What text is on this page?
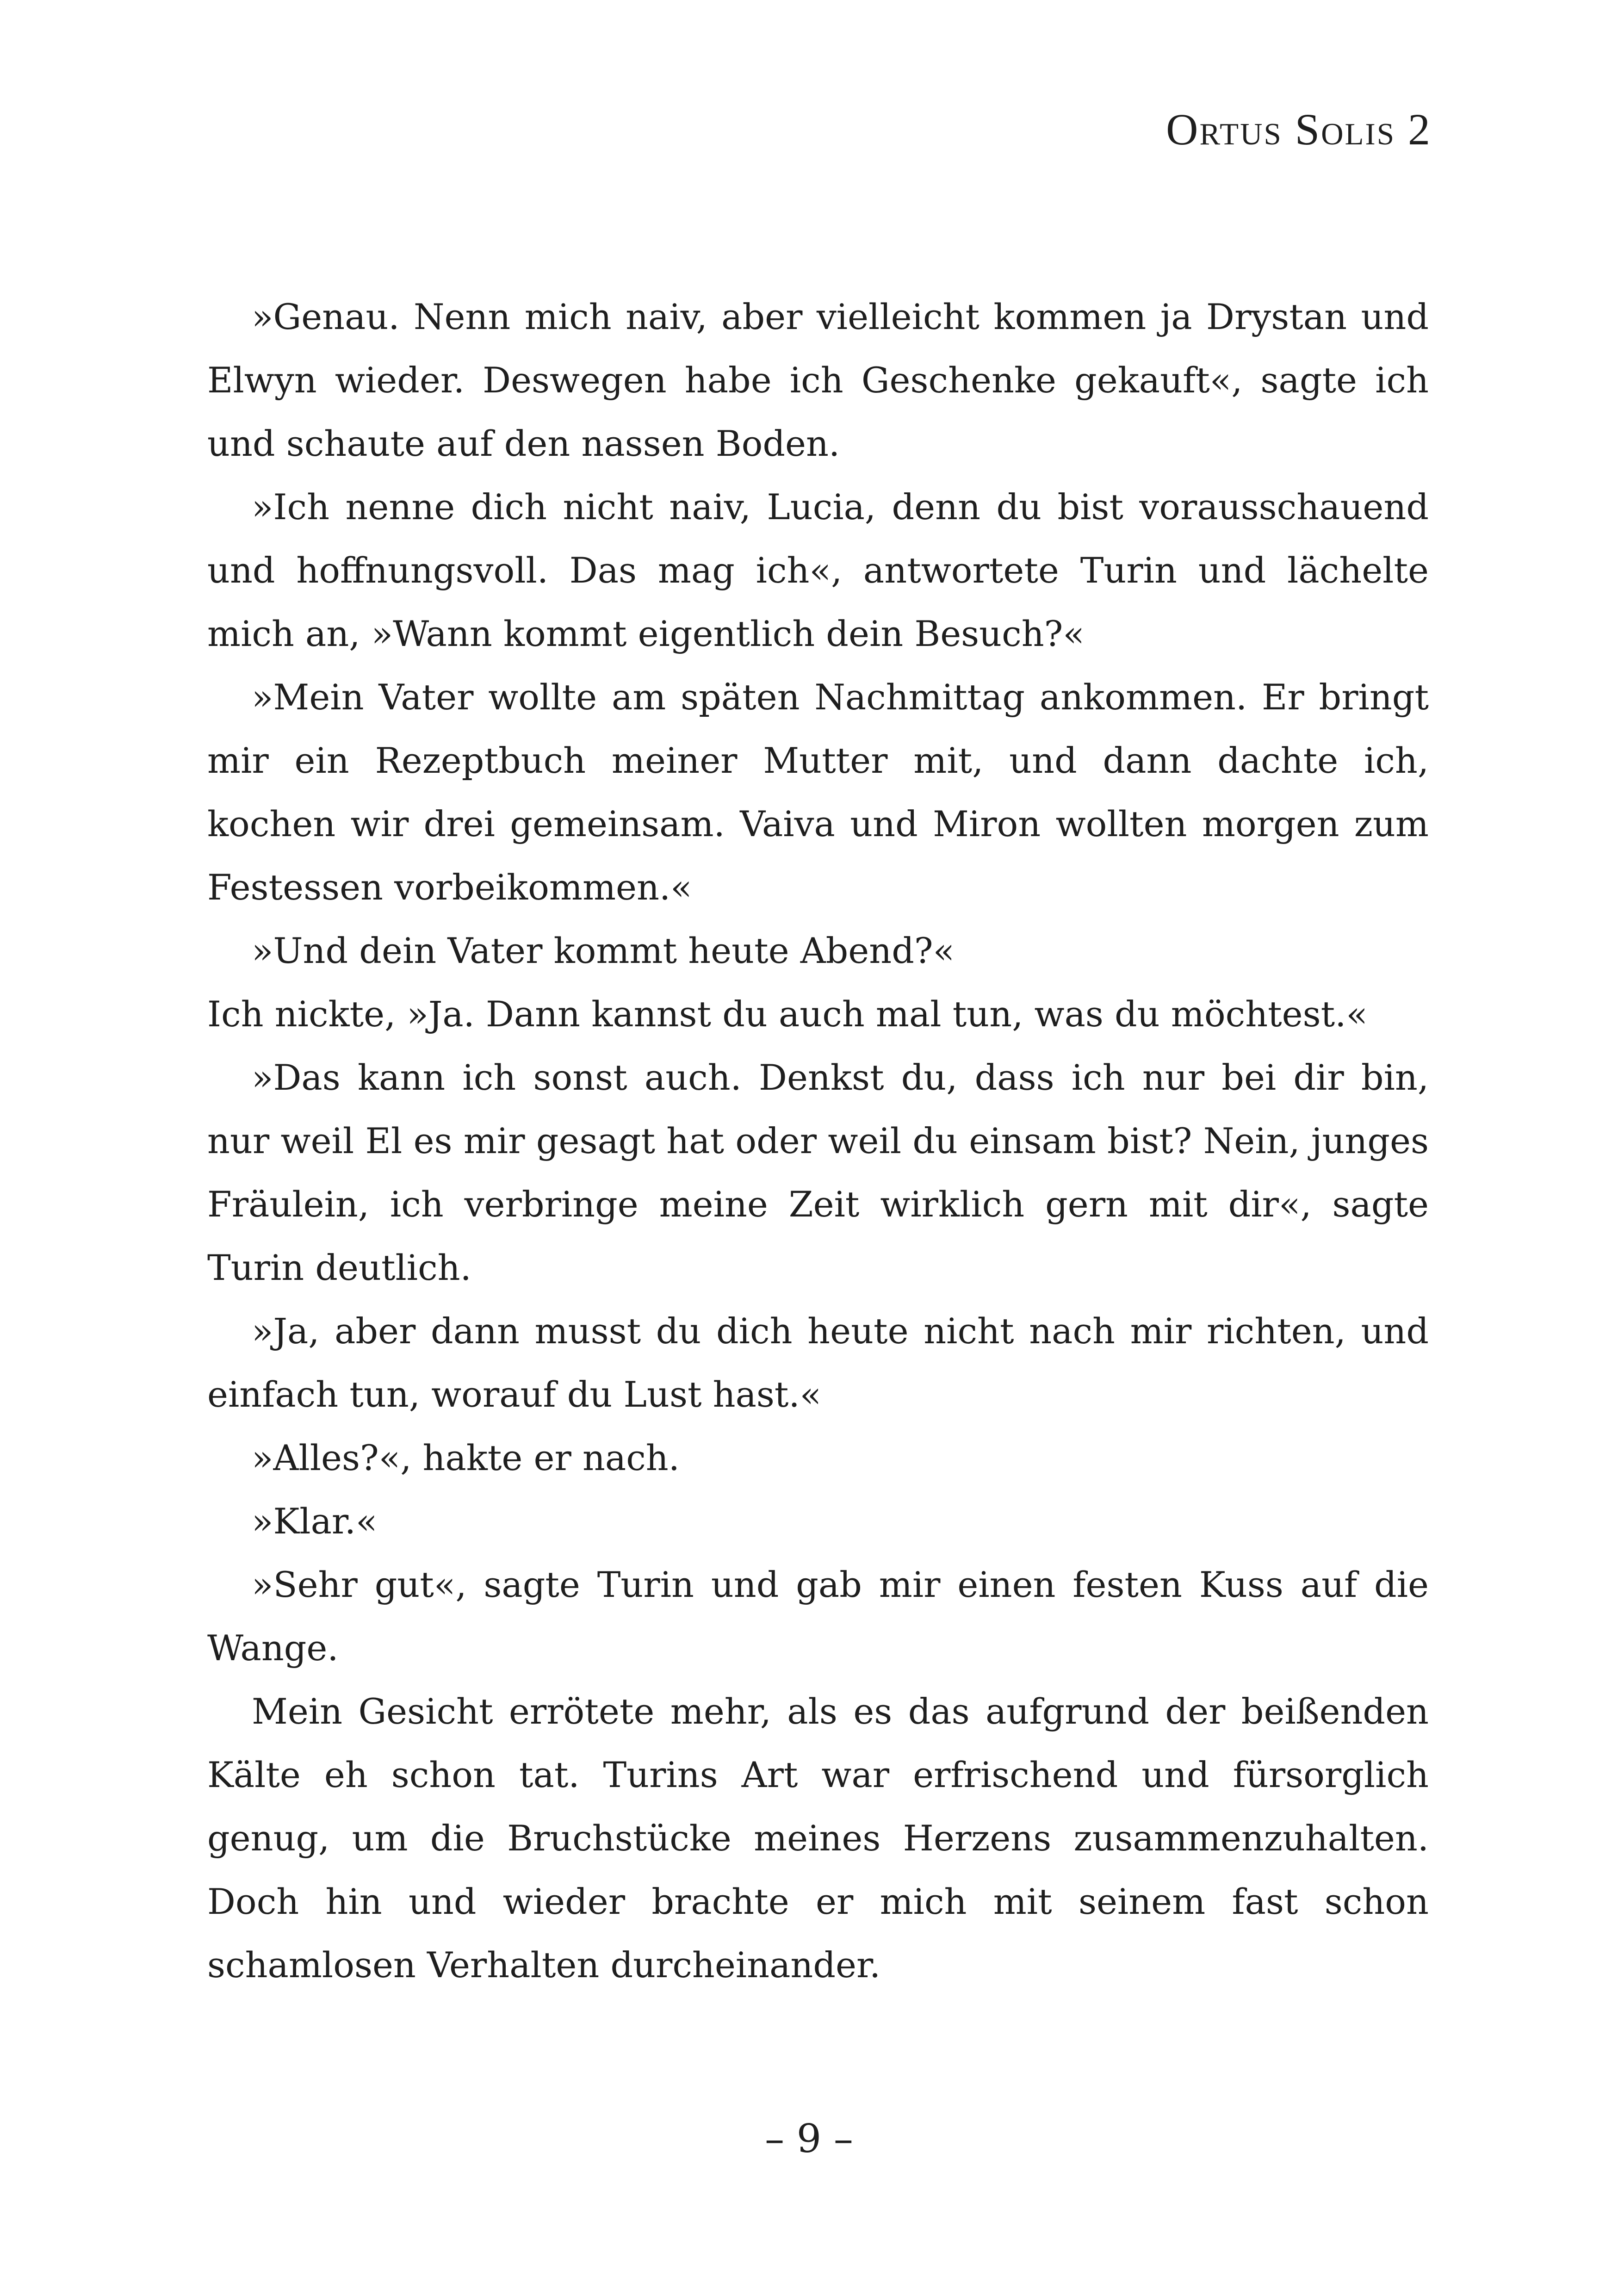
Ortus Solis 2

»Genau. Nenn mich naiv, aber vielleicht kommen ja Drystan und Elwyn wieder. Deswegen habe ich Geschenke gekauft«, sagte ich und schaute auf den nassen Boden.

»Ich nenne dich nicht naiv, Lucia, denn du bist vorausschauend und hoffnungsvoll. Das mag ich«, antwortete Turin und lächelte mich an, »Wann kommt eigentlich dein Besuch?«

»Mein Vater wollte am späten Nachmittag ankommen. Er bringt mir ein Rezeptbuch meiner Mutter mit, und dann dachte ich, kochen wir drei gemeinsam. Vaiva und Miron wollten morgen zum Festessen vorbeikommen.«

»Und dein Vater kommt heute Abend?«

Ich nickte, »Ja. Dann kannst du auch mal tun, was du möchtest.«

»Das kann ich sonst auch. Denkst du, dass ich nur bei dir bin, nur weil El es mir gesagt hat oder weil du einsam bist? Nein, junges Fräulein, ich verbringe meine Zeit wirklich gern mit dir«, sagte Turin deutlich.

»Ja, aber dann musst du dich heute nicht nach mir richten, und einfach tun, worauf du Lust hast.«

»Alles?«, hakte er nach.

»Klar.«

»Sehr gut«, sagte Turin und gab mir einen festen Kuss auf die Wange.

Mein Gesicht errötete mehr, als es das aufgrund der beißenden Kälte eh schon tat. Turins Art war erfrischend und fürsorglich genug, um die Bruchstücke meines Herzens zusammenzuhalten. Doch hin und wieder brachte er mich mit seinem fast schon schamlosen Verhalten durcheinander.

– 9 –
